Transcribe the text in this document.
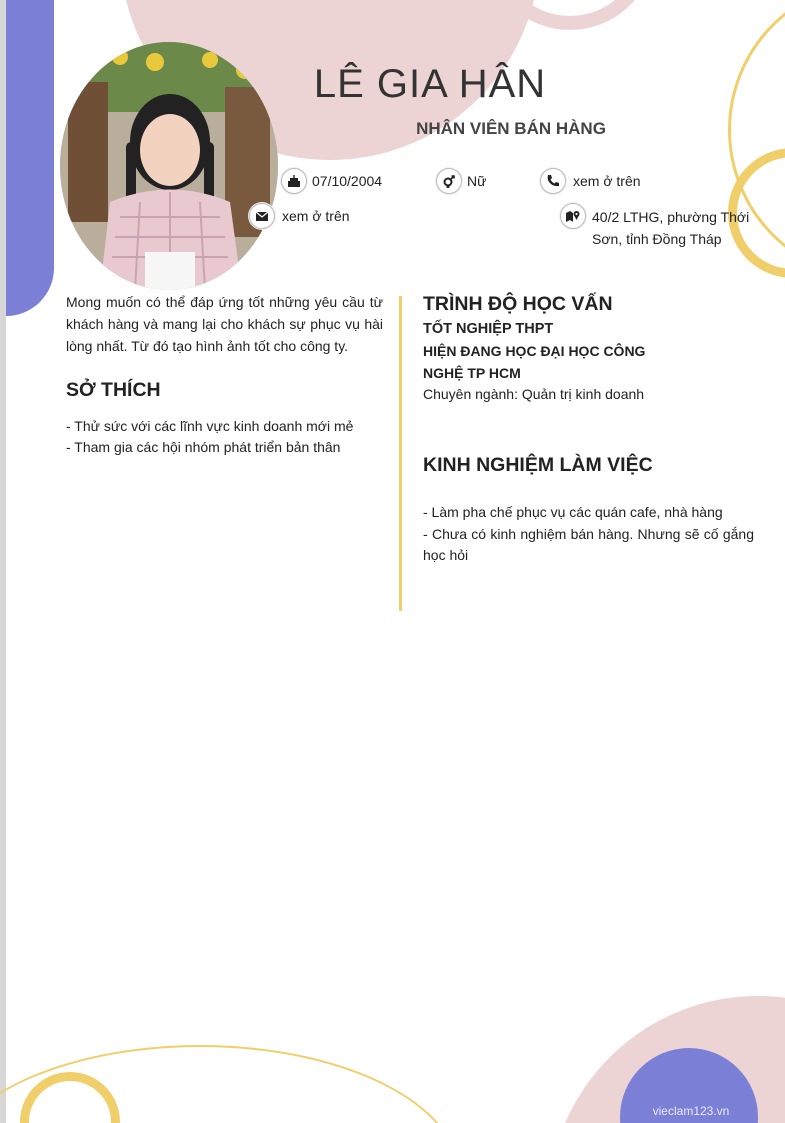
LÊ GIA HÂN
NHÂN VIÊN BÁN HÀNG
07/10/2004	Nữ	xem ở trên
xem ở trên	40/2 LTHG, phường Thới
Sơn, tỉnh Đồng Tháp
Mong muốn có thể đáp ứng tốt những yêu cầu từ khách hàng và mang lại cho khách sự phục vụ hài lòng nhất. Từ đó tạo hình ảnh tốt cho công ty.
SỞ THÍCH
- Thử sức với các lĩnh vực kinh doanh mới mẻ
- Tham gia các hội nhóm phát triển bản thân
TRÌNH ĐỘ HỌC VẤN
TỐT NGHIỆP THPT
HIỆN ĐANG HỌC ĐẠI HỌC CÔNG
NGHỆ TP HCM
Chuyên ngành: Quản trị kinh doanh
KINH NGHIỆM LÀM VIỆC
- Làm pha chế phục vụ các quán cafe, nhà hàng
- Chưa có kinh nghiệm bán hàng. Nhưng sẽ cố gắng học hỏi
vieclam123.vn
